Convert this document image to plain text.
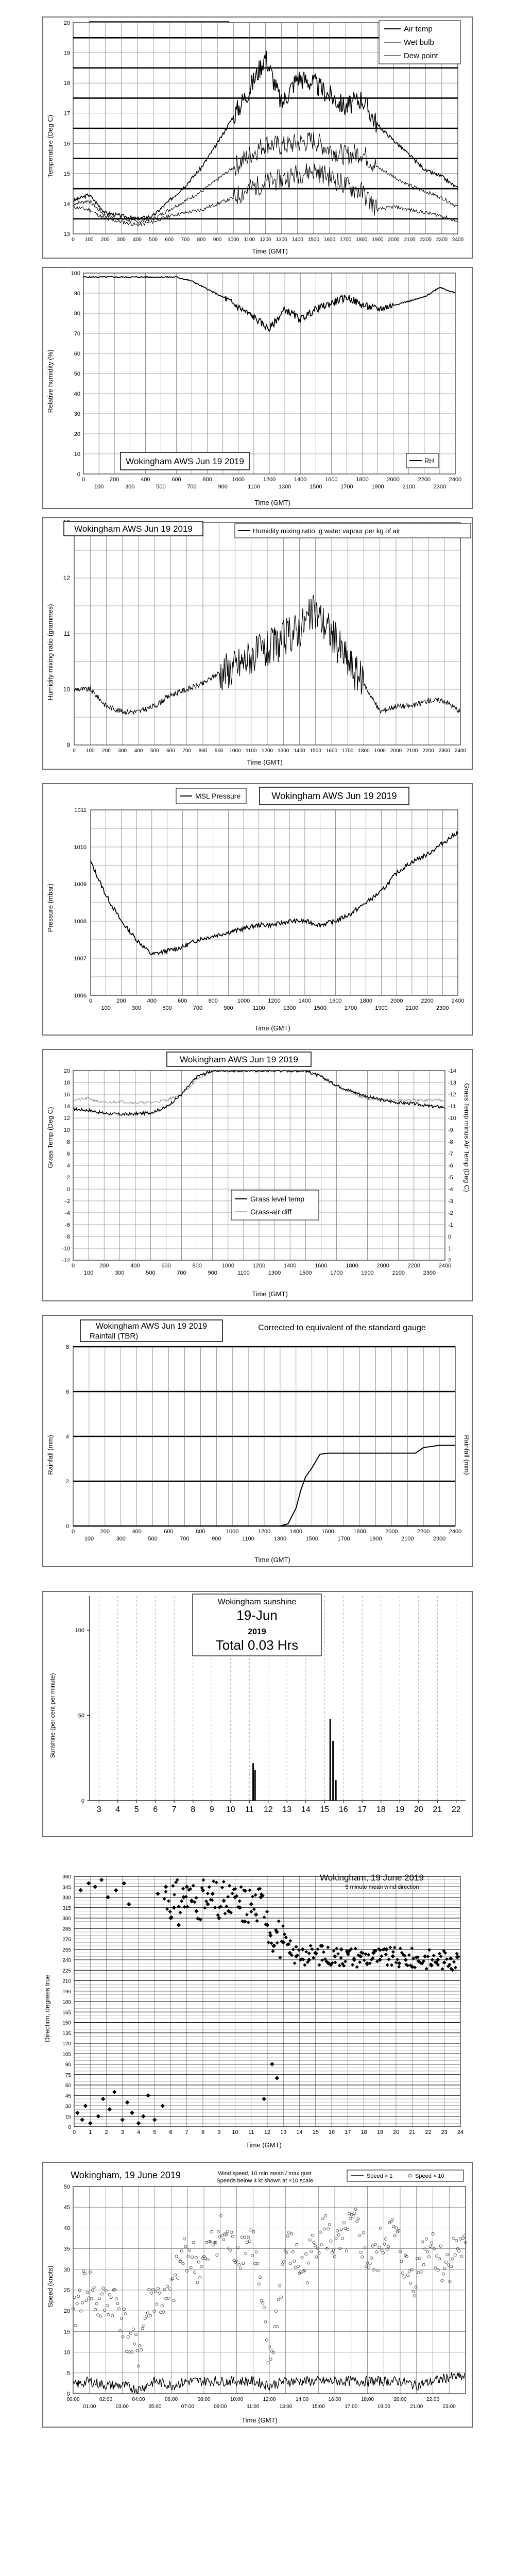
13
14
15
16
17
18
19
20
0 100 200 300 400 500 600 700 800 900 1000 1100 1200 1300 1400 1500 1600 1700 1800 1900 2000 2100 2200 2300 2400
Air temp
Wet bulb
Dew point
Temperature (Deg C)
Time (GMT)
0
10
20
30
40
50
60
70
80
90
100
0	200	400	600	800	1000	1200	1400	1600	1800	2000	2200	2400
100	300	500	700	900	1100	1300	1500	1700	1900	2100	2300
Wokingham AWS Jun 19 2019	RH
Relative humidity (%)
Time (GMT)
9
10
11
12
0 100 200 300 400 500 600 700 800 900 1000 1100 1200 1300 1400 1500 1600 1700 1800 1900 2000 2100 2200 2300 2400
Wokingham AWS Jun 19 2019	Humidity mixing ratio, g water vapour per kg of air
Humidity mixing ratio (grammes)
Time (GMT)
1006
1007
1008
1009
1010
1011
0	200	400	600	800	1000	1200	1400	1600	1800	2000	2200	2400
100	300	500	700	900	1100	1300	1500	1700	1900	2100	2300
MSL Pressure	Wokingham AWS Jun 19 2019
Pressure (mbar)
Time (GMT)
-12
-10
-8
-6
-4
-2
0
2
4
6
8
10
12
14
16
18
20	-14
-13
-12
-11
-10
-9
-8
-7
-6
-5
-4
-3
-2
-1
0
1
2
0	200	400	600	800	1000	1200	1400	1600	1800	2000	2200	2400
100	300	500	700	900	1100	1300	1500	1700	1900	2100	2300
Wokingham AWS Jun 19 2019
Grass level temp
Grass-air diff
Grass Temp (Deg C)	Grass Temp minus Air Temp (Deg C)
Time (GMT)
0
2
4
6
8
0	200	400	600	800	1000	1200	1400	1600	1800	2000	2200	2400
100	300	500	700	900	1100	1300	1500	1700	1900	2100	2300
Wokingham AWS Jun 19 2019
Rainfall (TBR)
Corrected to equivalent of the standard gauge
Rainfall (mm)	Rainfall (mm)
Time (GMT)
0
50
100
3 4 5 6 7 8 9 10 11 12 13 14 15 16 17 18 19 20 21 22
Wokingham sunshine
19-Jun
2019
Total 0.03 Hrs
Sunshine (per cent per minute)
0
15
30
45
60
75
90
105
120
135
150
165
180
195
210
225
240
255
270
285
300
315
330
345
360
0 1 2 3 4 5 6 7 8 9 10 11 12 13 14 15 16 17 18 19 20 21 22 23 24
Wokingham, 19 June 2019
5 minute mean wind direction
Direction, degrees true
Time (GMT)
0
5
10
15
20
25
30
35
40
45
50
00:00	02:00	04:00	06:00	08:00	10:00	12:00	14:00	16:00	18:00	20:00	22:00
01:00	03:00	05:00	07:00	09:00	11:00	13:00	15:00	17:00	19:00	21:00	23:00
Wokingham, 19 June 2019	Wind speed, 10 min mean / max gust
Speeds below 4 kt shown at ×10 scale
Speed × 1	Speed × 10
Speed (knots)
Time (GMT)
